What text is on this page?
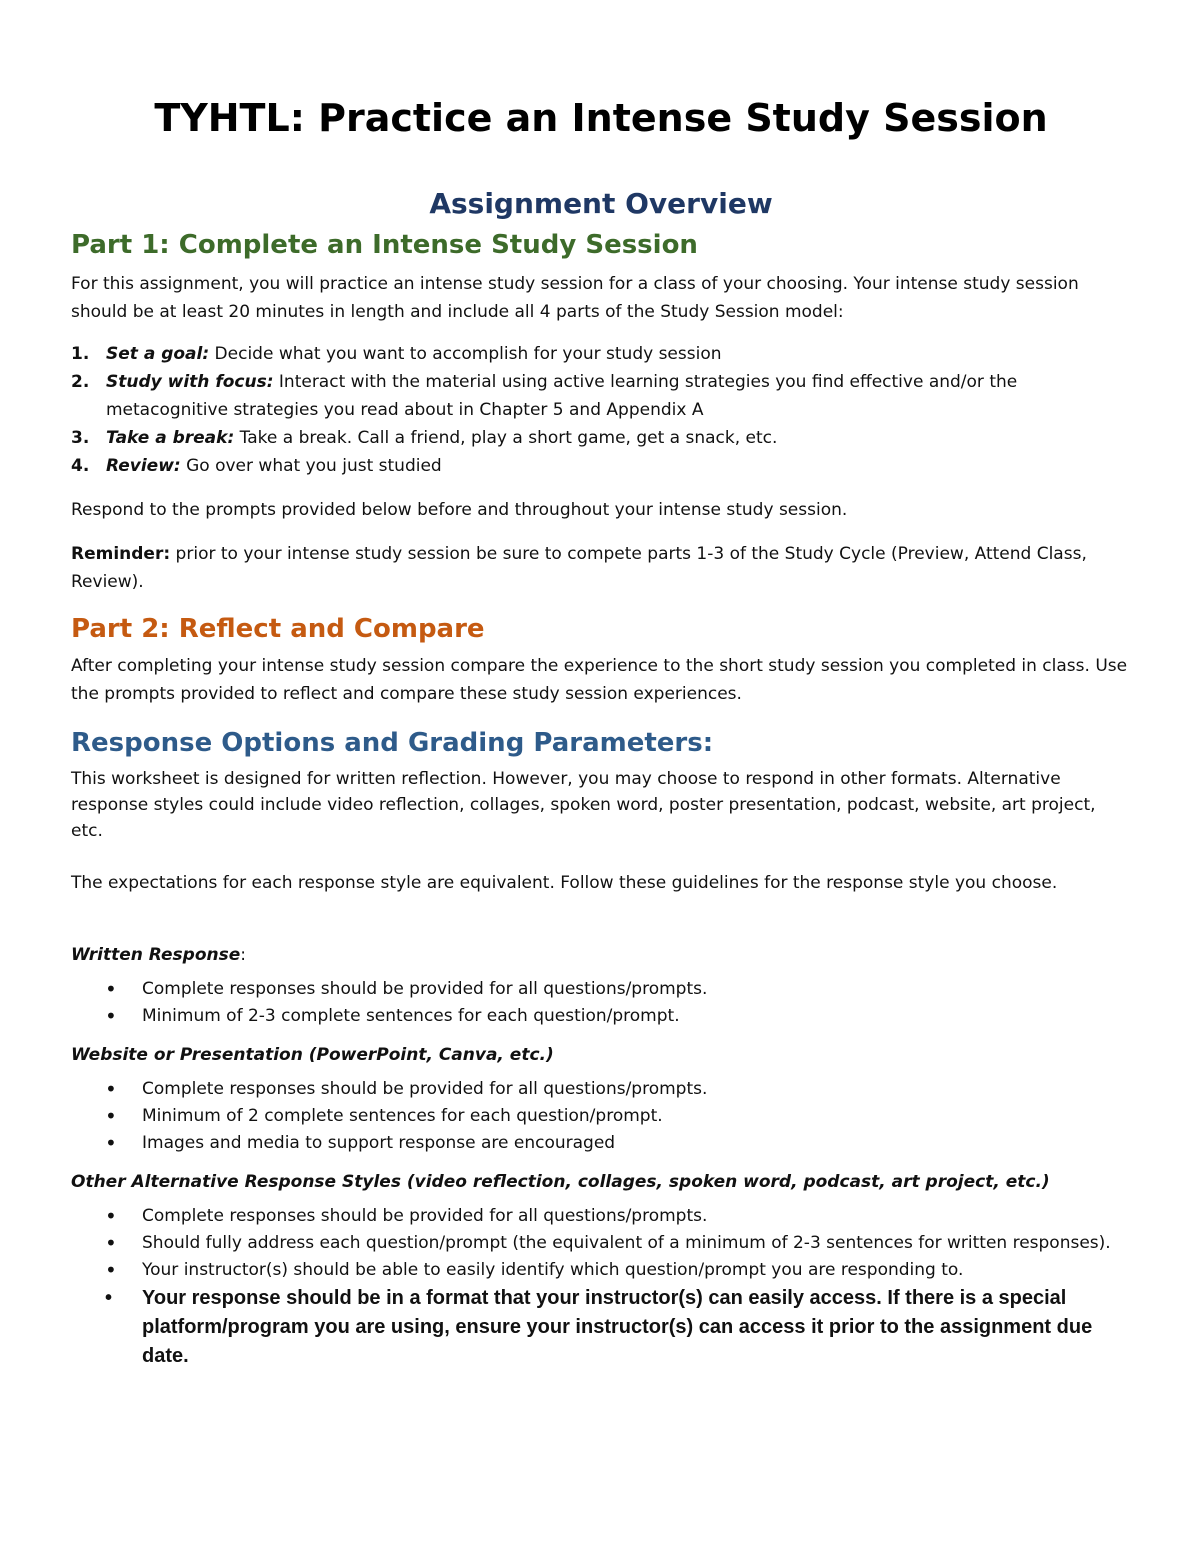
TYHTL: Practice an Intense Study Session
Assignment Overview
Part 1: Complete an Intense Study Session

For this assignment, you will practice an intense study session for a class of your choosing. Your intense study session should be at least 20 minutes in length and include all 4 parts of the Study Session model:

1. Set a goal: Decide what you want to accomplish for your study session
2. Study with focus: Interact with the material using active learning strategies you find effective and/or the metacognitive strategies you read about in Chapter 5 and Appendix A
3. Take a break: Take a break. Call a friend, play a short game, get a snack, etc.
4. Review: Go over what you just studied

Respond to the prompts provided below before and throughout your intense study session.

Reminder: prior to your intense study session be sure to compete parts 1-3 of the Study Cycle (Preview, Attend Class, Review).

Part 2: Reflect and Compare

After completing your intense study session compare the experience to the short study session you completed in class. Use the prompts provided to reflect and compare these study session experiences.

Response Options and Grading Parameters:

This worksheet is designed for written reflection. However, you may choose to respond in other formats. Alternative response styles could include video reflection, collages, spoken word, poster presentation, podcast, website, art project, etc.

The expectations for each response style are equivalent. Follow these guidelines for the response style you choose.

Written Response:

• Complete responses should be provided for all questions/prompts.
• Minimum of 2-3 complete sentences for each question/prompt.

Website or Presentation (PowerPoint, Canva, etc.)

• Complete responses should be provided for all questions/prompts.
• Minimum of 2 complete sentences for each question/prompt.
• Images and media to support response are encouraged

Other Alternative Response Styles (video reflection, collages, spoken word, podcast, art project, etc.)

• Complete responses should be provided for all questions/prompts.
• Should fully address each question/prompt (the equivalent of a minimum of 2-3 sentences for written responses).
• Your instructor(s) should be able to easily identify which question/prompt you are responding to.
• Your response should be in a format that your instructor(s) can easily access. If there is a special platform/program you are using, ensure your instructor(s) can access it prior to the assignment due date.
